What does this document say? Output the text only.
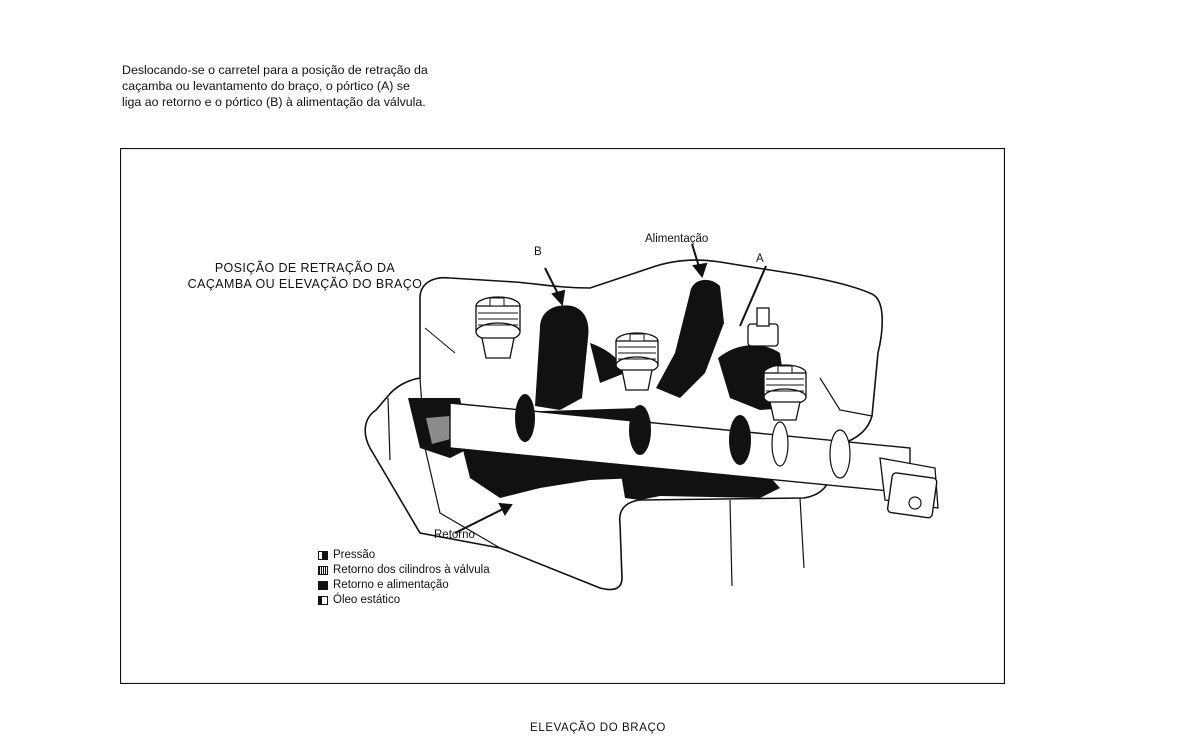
Deslocando-se o carretel para a posição de retração da
caçamba ou levantamento do braço, o pórtico (A) se
liga ao retorno e o pórtico (B) à alimentação da válvula.

B
Alimentação
A
Retorno
POSIÇÃO DE RETRAÇÃO DA
CAÇAMBA OU ELEVAÇÃO DO BRAÇO
Pressão
Retorno dos cilindros à válvula
Retorno e alimentação
Óleo estático
ELEVAÇÃO DO BRAÇO
